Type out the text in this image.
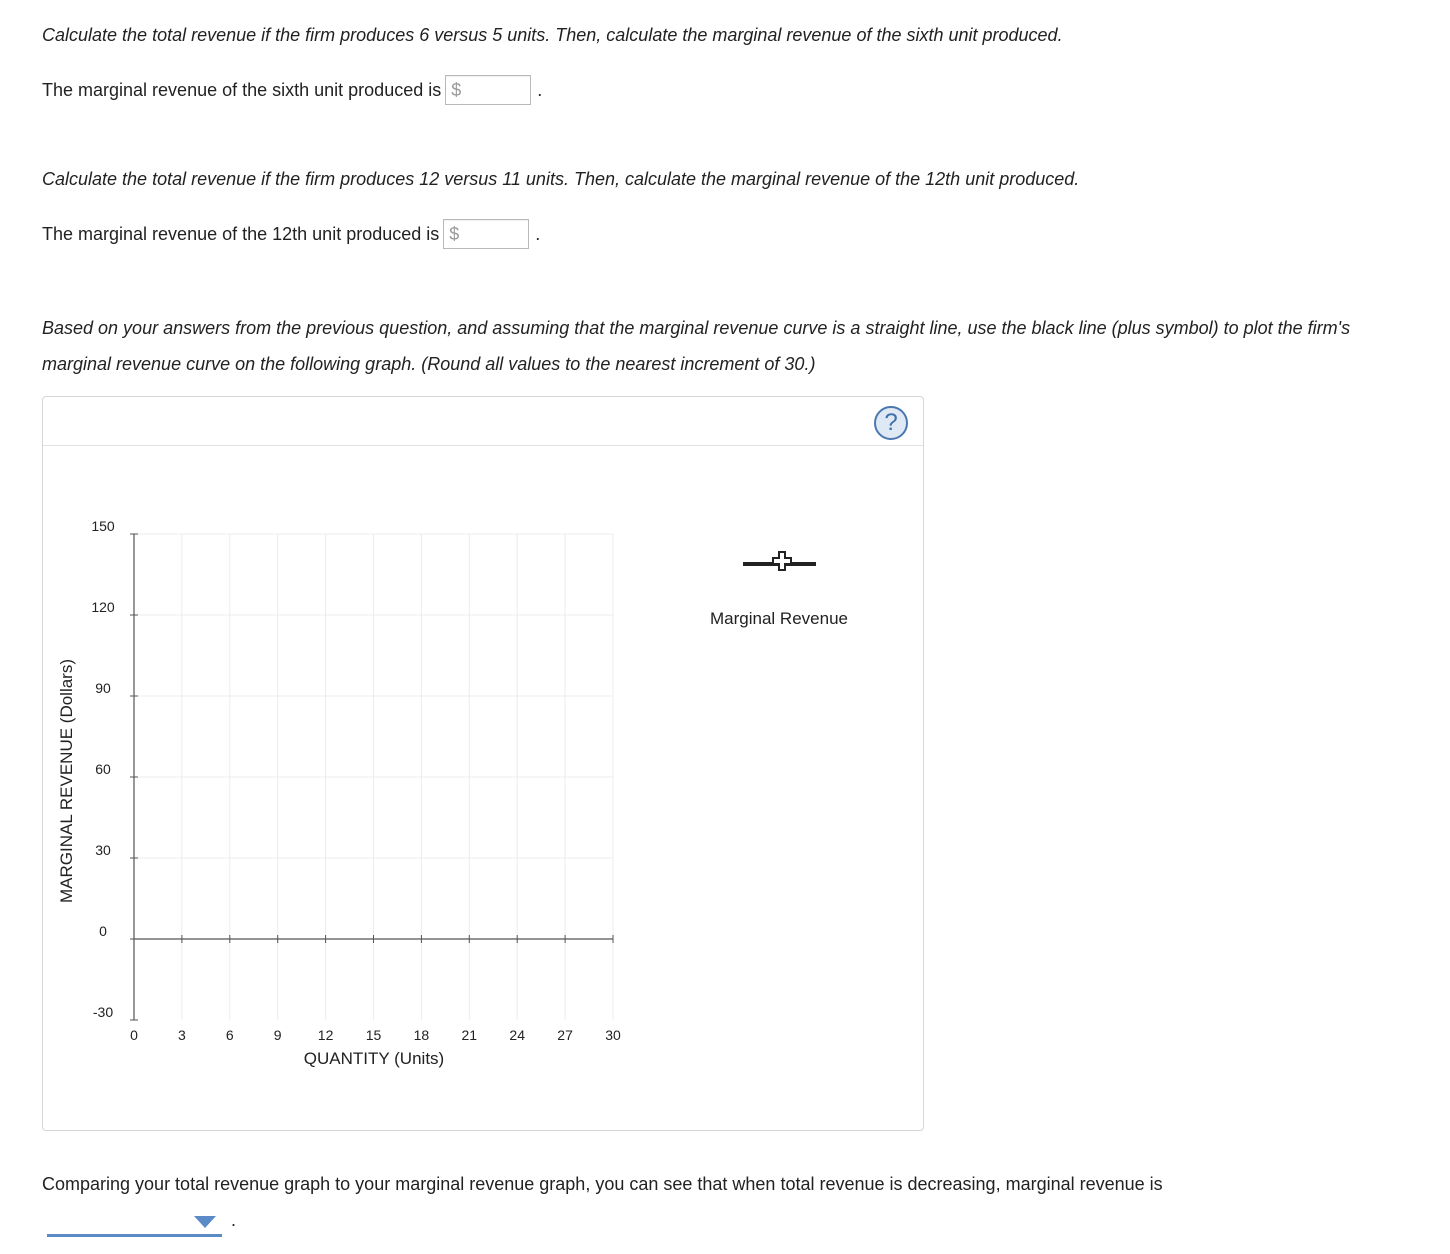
Calculate the total revenue if the firm produces 6 versus 5 units. Then, calculate the marginal revenue of the sixth unit produced.
The marginal revenue of the sixth unit produced is $	.
Calculate the total revenue if the firm produces 12 versus 11 units. Then, calculate the marginal revenue of the 12th unit produced.
The marginal revenue of the 12th unit produced is $	.
Based on your answers from the previous question, and assuming that the marginal revenue curve is a straight line, use the black line (plus symbol) to plot the firm's marginal revenue curve on the following graph. (Round all values to the nearest increment of 30.)
?
150
120
90
60
30
0
-30
0	3	6	9	12 15 18 21 24 27 30
QUANTITY (Units)
MARGINAL REVENUE (Dollars)
Marginal Revenue
Comparing your total revenue graph to your marginal revenue graph, you can see that when total revenue is decreasing, marginal revenue is
.
